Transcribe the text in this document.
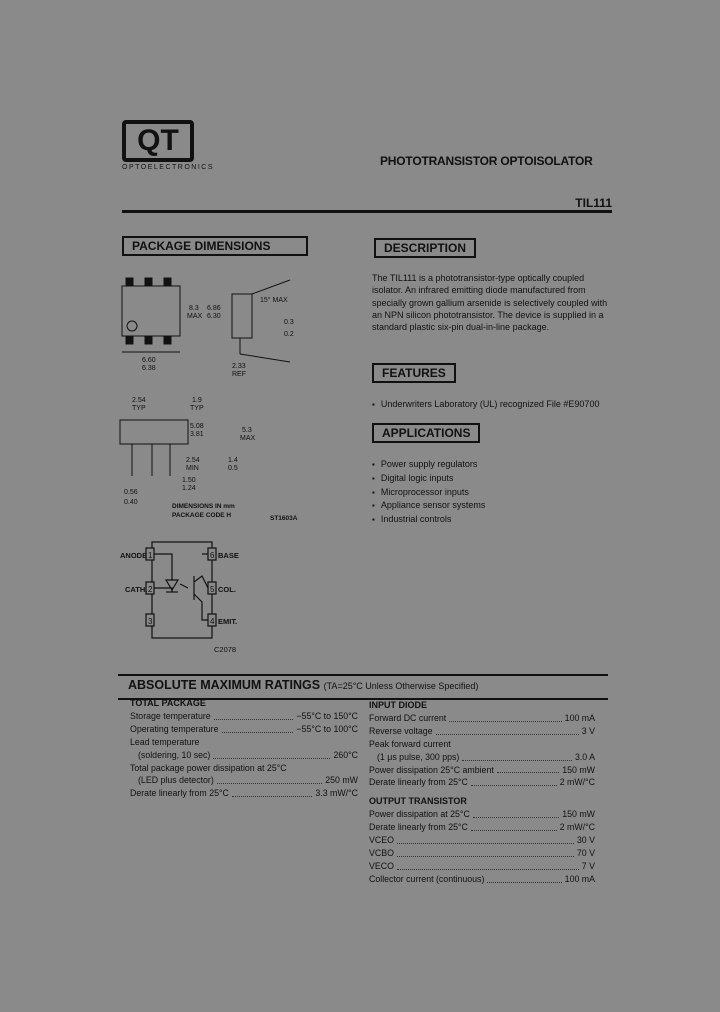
QT
OPTOELECTRONICS	PHOTOTRANSISTOR OPTOISOLATOR
TIL111
PACKAGE DIMENSIONS
6.60
6.38
8.3
MAX
6.86
6.30
15° MAX
0.3
0.2
2.33
REF
2.54
TYP
1.9
TYP
5.08
3.81
5.3
MAX
2.54
MIN
1.4
0.5
1.50
1.24
0.56
0.40
DIMENSIONS IN mm
PACKAGE CODE H	ST1603A
1
2
3
6
5
4
ANODE
CATH.
BASE
COL.
EMIT.
C2078
DESCRIPTION
The TIL111 is a phototransistor-type optically coupled isolator. An infrared emitting diode manufactured from specially grown gallium arsenide is selectively coupled with an NPN silicon phototransistor. The device is supplied in a standard plastic six-pin dual-in-line package.
FEATURES
▪ Underwriters Laboratory (UL) recognized File #E90700
APPLICATIONS
▪ Power supply regulators
▪ Digital logic inputs
▪ Microprocessor inputs
▪ Appliance sensor systems
▪ Industrial controls
ABSOLUTE MAXIMUM RATINGS (TA=25°C Unless Otherwise Specified)
TOTAL PACKAGE
Storage temperature	−55°C to 150°C
Operating temperature	−55°C to 100°C
Lead temperature
(soldering, 10 sec)	260°C
Total package power dissipation at 25°C
(LED plus detector)	250 mW
Derate linearly from 25°C	3.3 mW/°C
INPUT DIODE
Forward DC current	100 mA
Reverse voltage	3 V
Peak forward current
(1 μs pulse, 300 pps)	3.0 A
Power dissipation 25°C ambient	150 mW
Derate linearly from 25°C	2 mW/°C
OUTPUT TRANSISTOR
Power dissipation at 25°C	150 mW
Derate linearly from 25°C	2 mW/°C
VCEO	30 V
VCBO	70 V
VECO	7 V
Collector current (continuous)	100 mA
